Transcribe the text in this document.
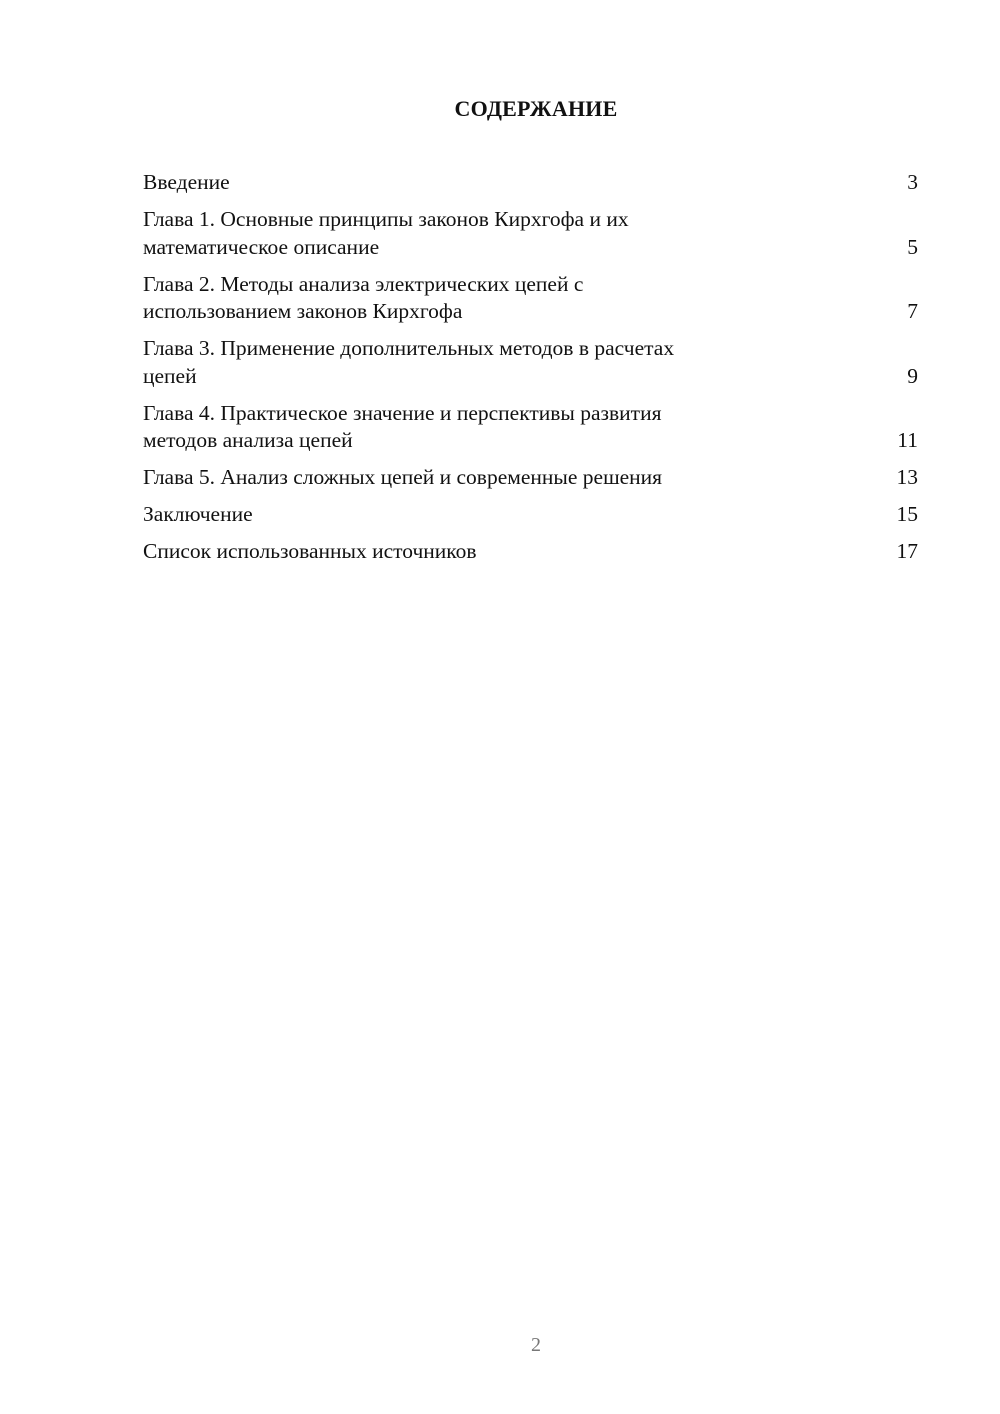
СОДЕРЖАНИЕ
Введение	3
Глава 1. Основные принципы законов Кирхгофа и их
математическое описание	5
Глава 2. Методы анализа электрических цепей с
использованием законов Кирхгофа	7
Глава 3. Применение дополнительных методов в расчетах
цепей	9
Глава 4. Практическое значение и перспективы развития
методов анализа цепей	11
Глава 5. Анализ сложных цепей и современные решения	13
Заключение	15
Список использованных источников	17
2
